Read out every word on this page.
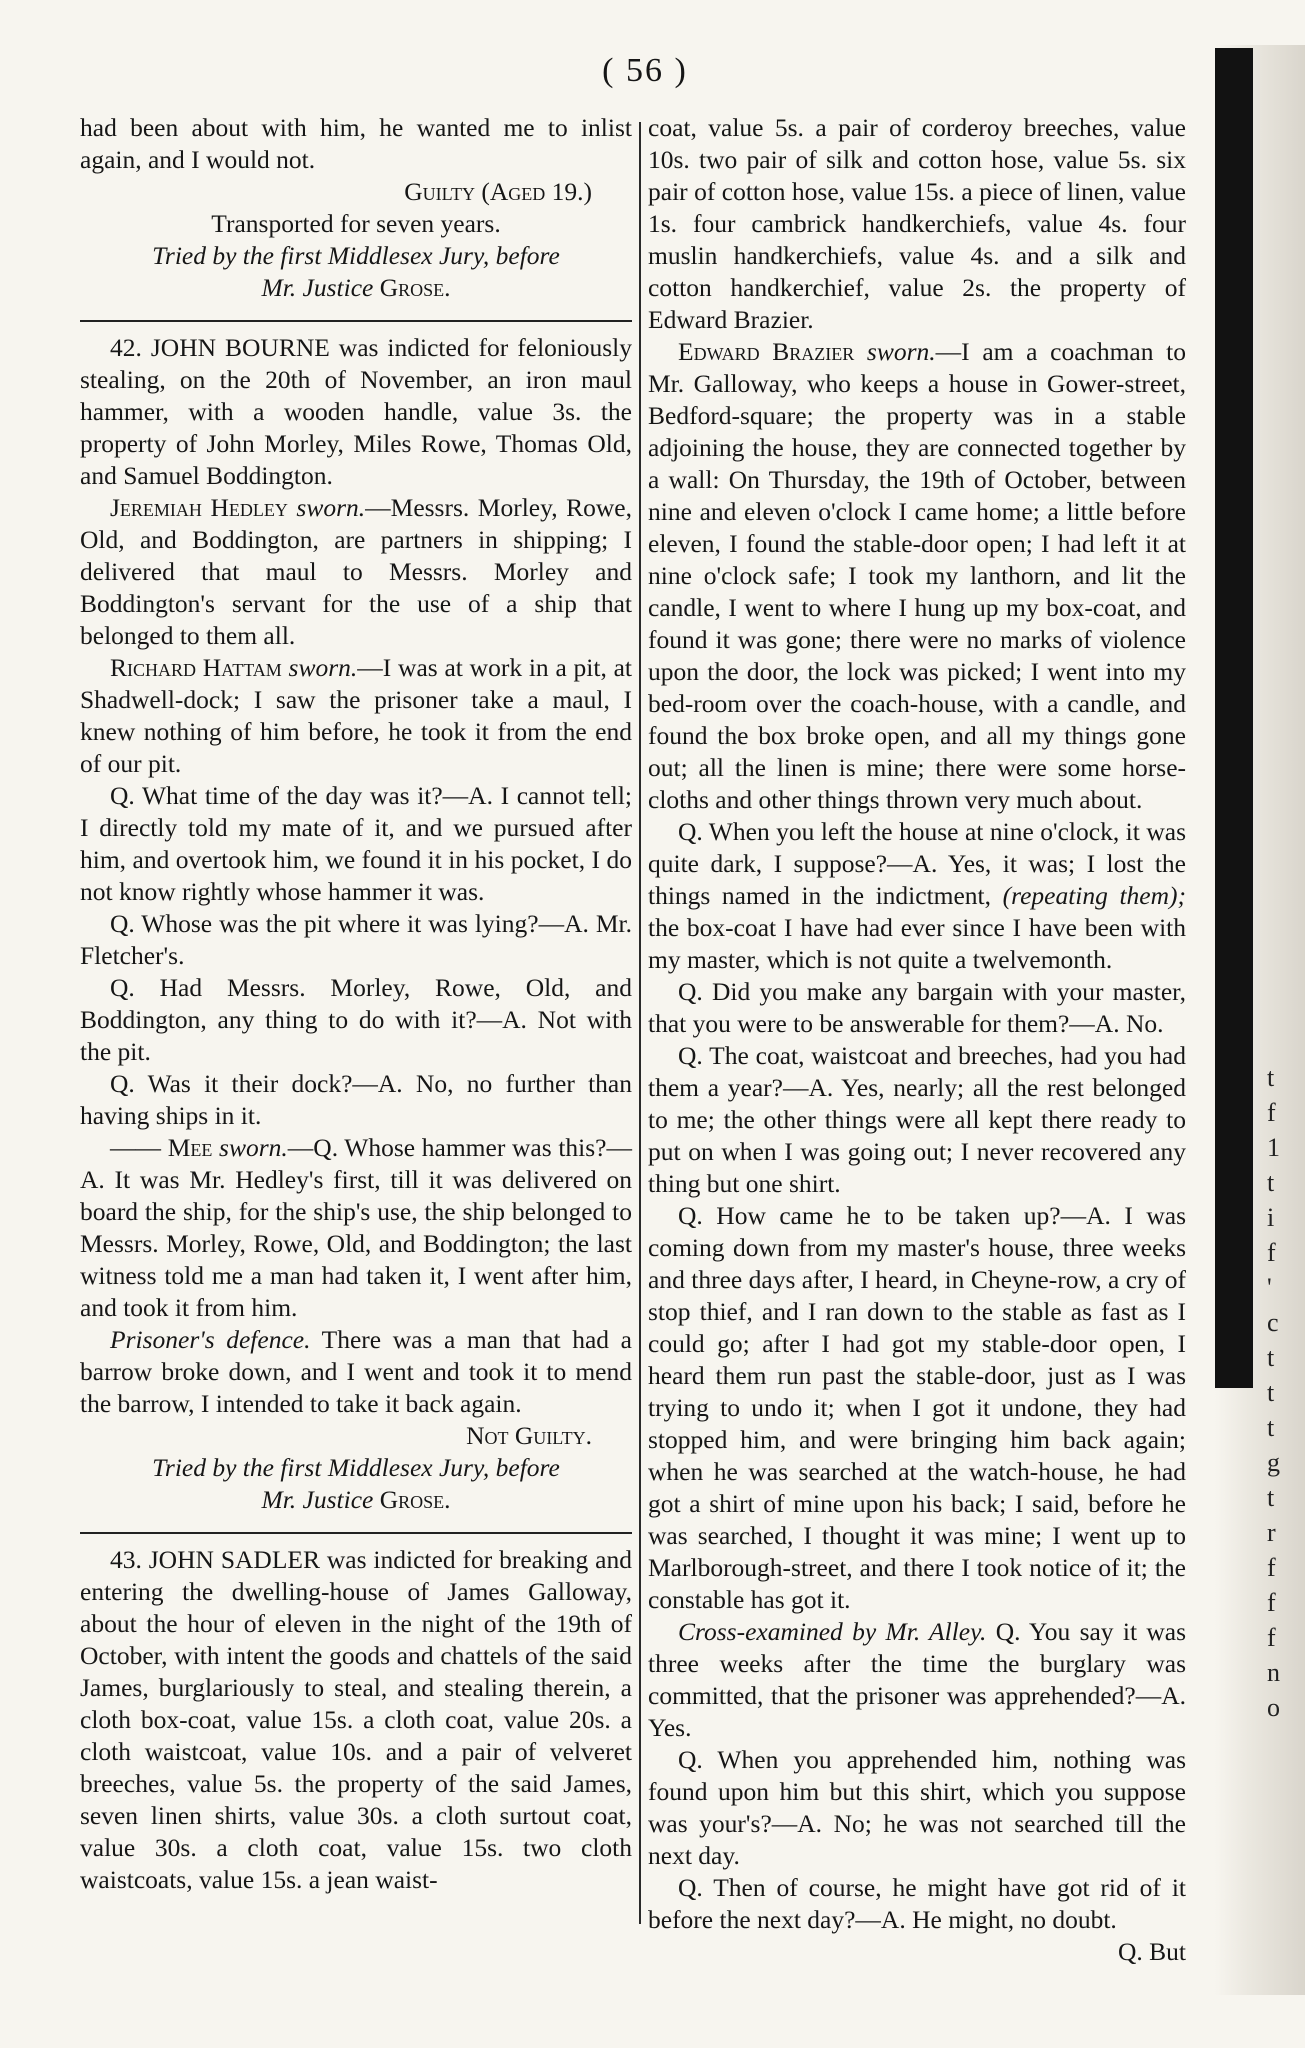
( 56 )

had been about with him, he wanted me to inlist again, and I would not.

Guilty (Aged 19.)

Transported for seven years.

Tried by the first Middlesex Jury, before

Mr. Justice Grose.

42. JOHN BOURNE was indicted for feloniously stealing, on the 20th of November, an iron maul hammer, with a wooden handle, value 3s. the property of John Morley, Miles Rowe, Thomas Old, and Samuel Boddington.

Jeremiah Hedley sworn.—Messrs. Morley, Rowe, Old, and Boddington, are partners in shipping; I delivered that maul to Messrs. Morley and Boddington's servant for the use of a ship that belonged to them all.

Richard Hattam sworn.—I was at work in a pit, at Shadwell-dock; I saw the prisoner take a maul, I knew nothing of him before, he took it from the end of our pit.

Q. What time of the day was it?—A. I cannot tell; I directly told my mate of it, and we pursued after him, and overtook him, we found it in his pocket, I do not know rightly whose hammer it was.

Q. Whose was the pit where it was lying?—A. Mr. Fletcher's.

Q. Had Messrs. Morley, Rowe, Old, and Boddington, any thing to do with it?—A. Not with the pit.

Q. Was it their dock?—A. No, no further than having ships in it.

—— Mee sworn.—Q. Whose hammer was this?—A. It was Mr. Hedley's first, till it was delivered on board the ship, for the ship's use, the ship belonged to Messrs. Morley, Rowe, Old, and Boddington; the last witness told me a man had taken it, I went after him, and took it from him.

Prisoner's defence. There was a man that had a barrow broke down, and I went and took it to mend the barrow, I intended to take it back again.

Not Guilty.

Tried by the first Middlesex Jury, before

Mr. Justice Grose.

43. JOHN SADLER was indicted for breaking and entering the dwelling-house of James Galloway, about the hour of eleven in the night of the 19th of October, with intent the goods and chattels of the said James, burglariously to steal, and stealing therein, a cloth box-coat, value 15s. a cloth coat, value 20s. a cloth waistcoat, value 10s. and a pair of velveret breeches, value 5s. the property of the said James, seven linen shirts, value 30s. a cloth surtout coat, value 30s. a cloth coat, value 15s. two cloth waistcoats, value 15s. a jean waist-

coat, value 5s. a pair of corderoy breeches, value 10s. two pair of silk and cotton hose, value 5s. six pair of cotton hose, value 15s. a piece of linen, value 1s. four cambrick handkerchiefs, value 4s. four muslin handkerchiefs, value 4s. and a silk and cotton handkerchief, value 2s. the property of Edward Brazier.

Edward Brazier sworn.—I am a coachman to Mr. Galloway, who keeps a house in Gower-street, Bedford-square; the property was in a stable adjoining the house, they are connected together by a wall: On Thursday, the 19th of October, between nine and eleven o'clock I came home; a little before eleven, I found the stable-door open; I had left it at nine o'clock safe; I took my lanthorn, and lit the candle, I went to where I hung up my box-coat, and found it was gone; there were no marks of violence upon the door, the lock was picked; I went into my bed-room over the coach-house, with a candle, and found the box broke open, and all my things gone out; all the linen is mine; there were some horse-cloths and other things thrown very much about.

Q. When you left the house at nine o'clock, it was quite dark, I suppose?—A. Yes, it was; I lost the things named in the indictment, (repeating them); the box-coat I have had ever since I have been with my master, which is not quite a twelvemonth.

Q. Did you make any bargain with your master, that you were to be answerable for them?—A. No.

Q. The coat, waistcoat and breeches, had you had them a year?—A. Yes, nearly; all the rest belonged to me; the other things were all kept there ready to put on when I was going out; I never recovered any thing but one shirt.

Q. How came he to be taken up?—A. I was coming down from my master's house, three weeks and three days after, I heard, in Cheyne-row, a cry of stop thief, and I ran down to the stable as fast as I could go; after I had got my stable-door open, I heard them run past the stable-door, just as I was trying to undo it; when I got it undone, they had stopped him, and were bringing him back again; when he was searched at the watch-house, he had got a shirt of mine upon his back; I said, before he was searched, I thought it was mine; I went up to Marlborough-street, and there I took notice of it; the constable has got it.

Cross-examined by Mr. Alley. Q. You say it was three weeks after the time the burglary was committed, that the prisoner was apprehended?—A. Yes.

Q. When you apprehended him, nothing was found upon him but this shirt, which you suppose was your's?—A. No; he was not searched till the next day.

Q. Then of course, he might have got rid of it before the next day?—A. He might, no doubt.

Q. But

t
f
1
t
i
f
'
c
t
t
t
g
t
r
f
f
f
n
o
